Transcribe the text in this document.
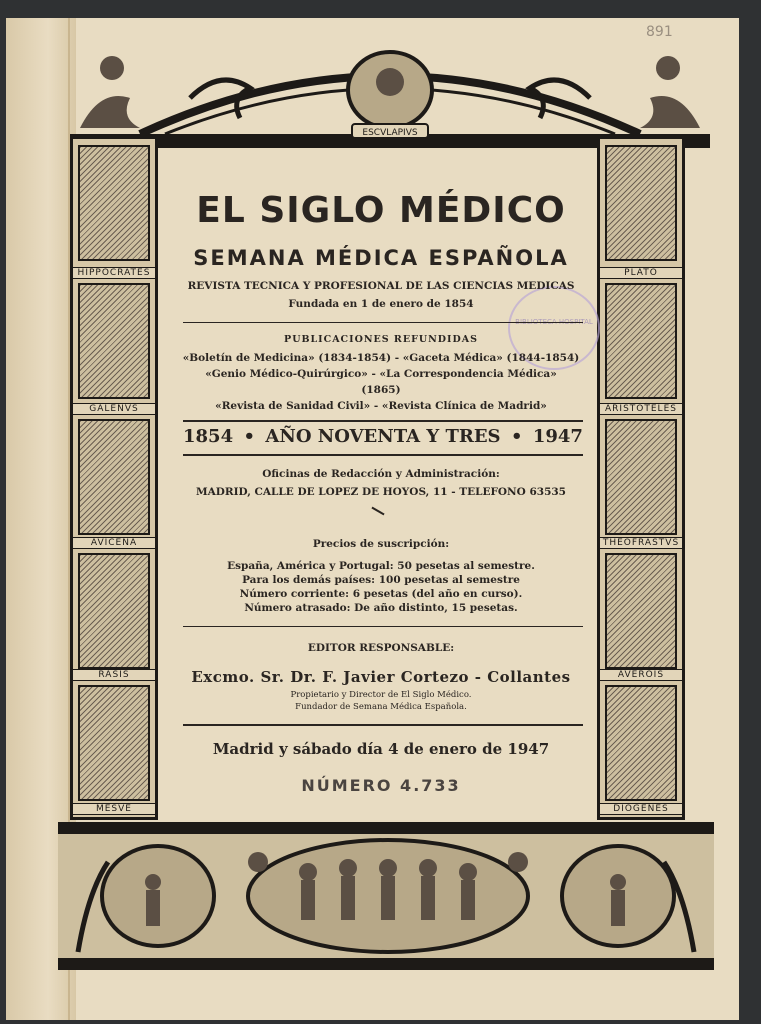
891
ESCVLAPIVS
HIPPOCRATES
GALENVS
AVICENA
RASIS
MESVE
PLATO
ARISTOTELES
THEOFRASTVS
AVEROIS
DIOGENES
BIBLIOTECA HOSPITAL
EL SIGLO MÉDICO
SEMANA MÉDICA ESPAÑOLA
REVISTA TECNICA Y PROFESIONAL DE LAS CIENCIAS MEDICAS
Fundada en 1 de enero de 1854
PUBLICACIONES REFUNDIDAS
«Boletín de Medicina» (1834-1854) - «Gaceta Médica» (1844-1854)
«Genio Médico-Quirúrgico» - «La Correspondencia Médica»
(1865)
«Revista de Sanidad Civil» - «Revista Clínica de Madrid»
1854 • AÑO NOVENTA Y TRES • 1947
Oficinas de Redacción y Administración:
MADRID, CALLE DE LOPEZ DE HOYOS, 11 - TELEFONO 63535
Precios de suscripción:
España, América y Portugal: 50 pesetas al semestre.
Para los demás países: 100 pesetas al semestre
Número corriente: 6 pesetas (del año en curso).
Número atrasado: De año distinto, 15 pesetas.
EDITOR RESPONSABLE:
Excmo. Sr. Dr. F. Javier Cortezo - Collantes
Propietario y Director de El Siglo Médico.
Fundador de Semana Médica Española.
Madrid y sábado día 4 de enero de 1947
NÚMERO 4.733
